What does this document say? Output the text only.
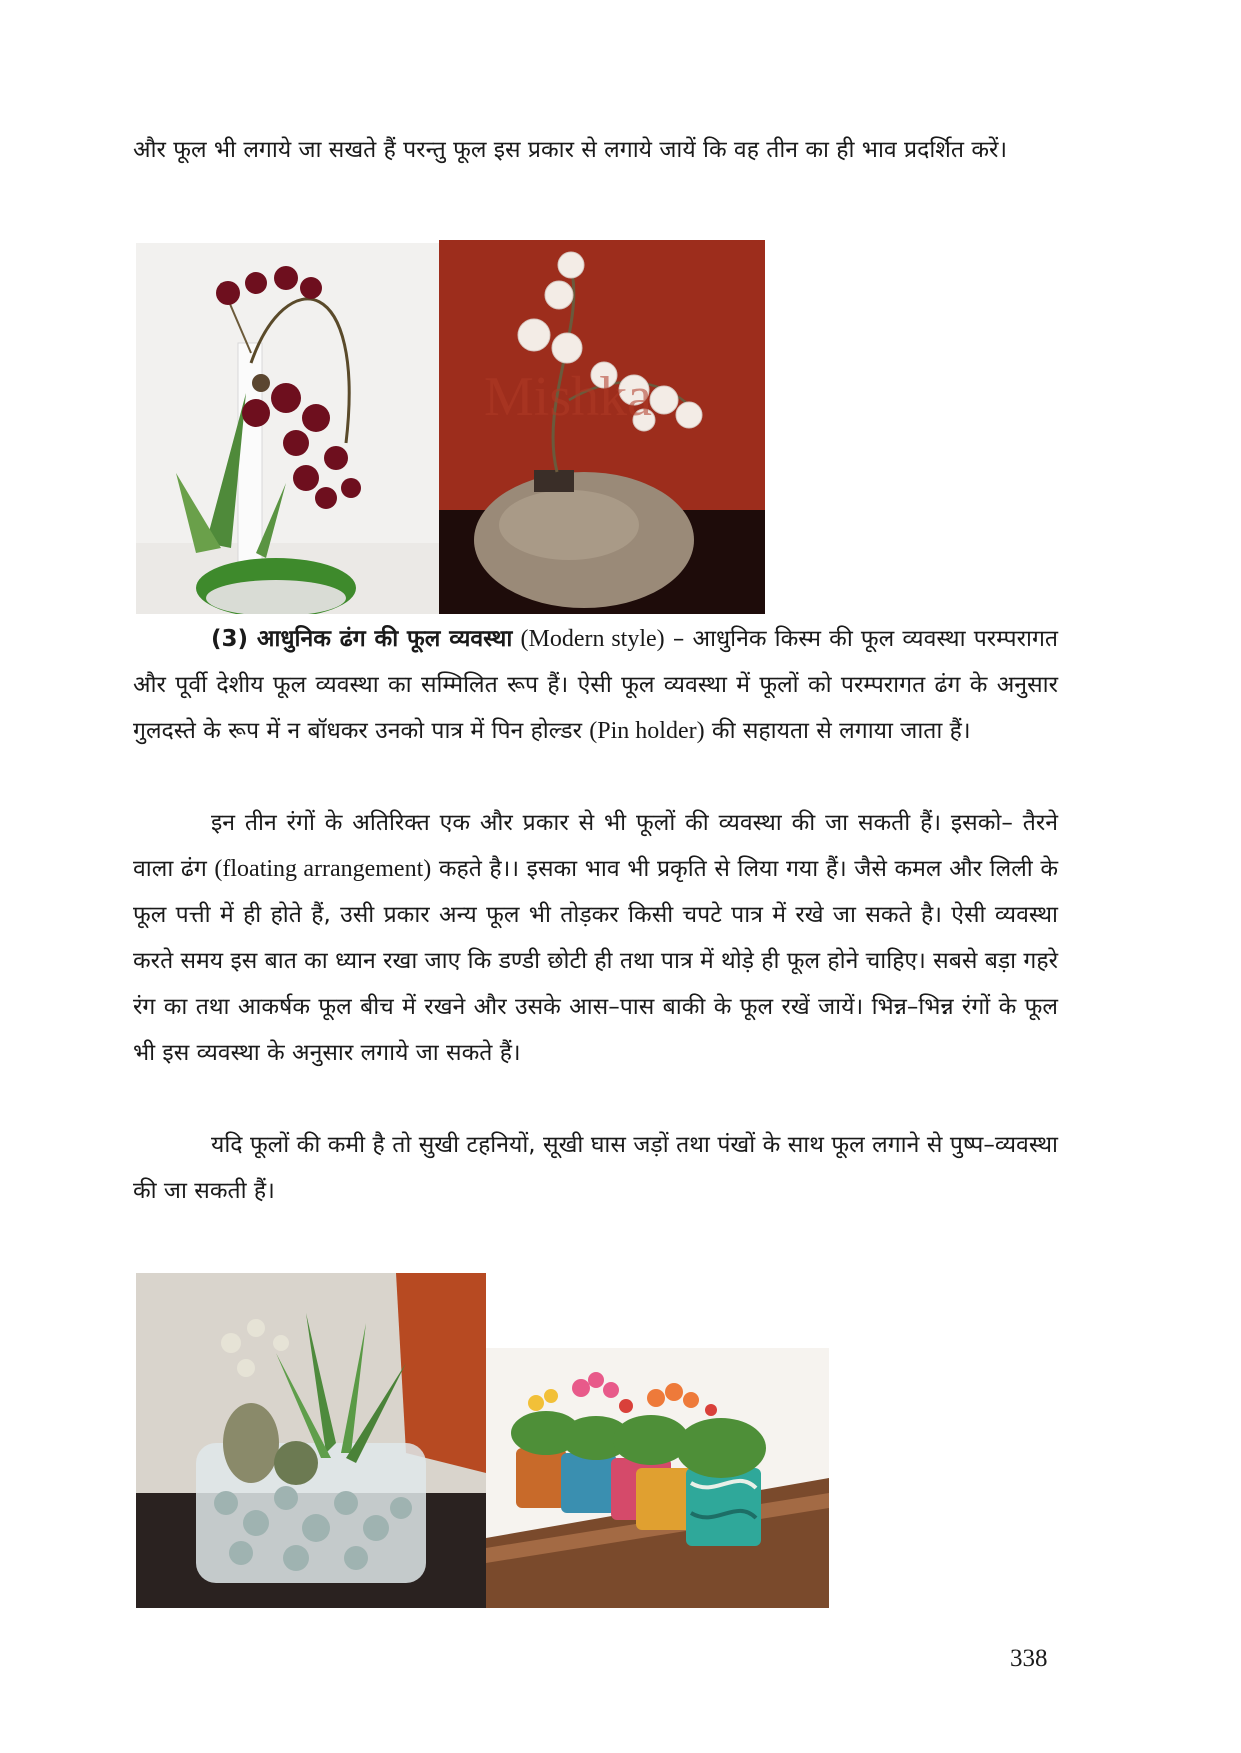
और फूल भी लगाये जा सखते हैं परन्तु फूल इस प्रकार से लगाये जायें कि वह तीन का ही भाव प्रदर्शित करें।

Mishka

(3) आधुनिक ढंग की फूल व्यवस्था (Modern style) – आधुनिक किस्म की फूल व्यवस्था परम्परागत और पूर्वी देशीय फूल व्यवस्था का सम्मिलित रूप हैं। ऐसी फूल व्यवस्था में फूलों को परम्परागत ढंग के अनुसार गुलदस्ते के रूप में न बॉधकर उनको पात्र में पिन होल्डर (Pin holder) की सहायता से लगाया जाता हैं।

इन तीन रंगों के अतिरिक्त एक और प्रकार से भी फूलों की व्यवस्था की जा सकती हैं। इसको– तैरने वाला ढंग (floating arrangement) कहते है।। इसका भाव भी प्रकृति से लिया गया हैं। जैसे कमल और लिली के फूल पत्ती में ही होते हैं, उसी प्रकार अन्य फूल भी तोड़कर किसी चपटे पात्र में रखे जा सकते है। ऐसी व्यवस्था करते समय इस बात का ध्यान रखा जाए कि डण्डी छोटी ही तथा पात्र में थोड़े ही फूल होने चाहिए। सबसे बड़ा गहरे रंग का तथा आकर्षक फूल बीच में रखने और उसके आस–पास बाकी के फूल रखें जायें। भिन्न–भिन्न रंगों के फूल भी इस व्यवस्था के अनुसार लगाये जा सकते हैं।

यदि फूलों की कमी है तो सुखी टहनियों, सूखी घास जड़ों तथा पंखों के साथ फूल लगाने से पुष्प–व्यवस्था की जा सकती हैं।

338
